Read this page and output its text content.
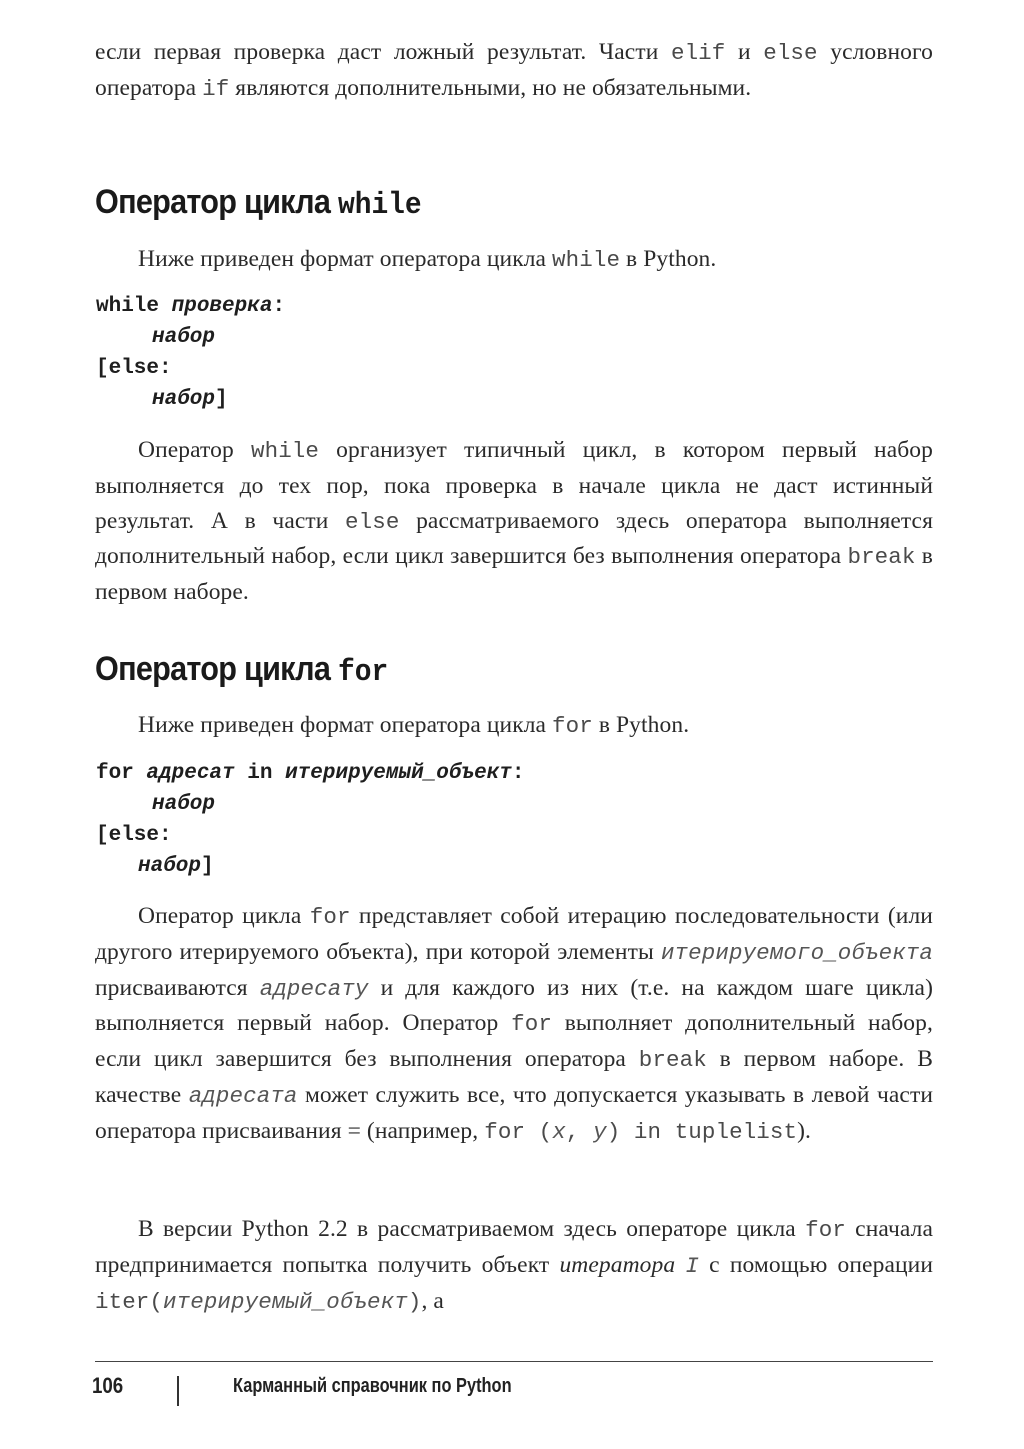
если первая проверка даст ложный результат. Части elif и else условного оператора if являются дополнительными, но не обязательными.

Оператор цикла while

Ниже приведен формат оператора цикла while в Python.

while проверка:

набор

[else:

набор]

Оператор while организует типичный цикл, в котором первый набор выполняется до тех пор, пока проверка в начале цикла не даст истинный результат. А в части else рассматриваемого здесь оператора выполняется дополнительный набор, если цикл завершится без выполнения оператора break в первом наборе.

Оператор цикла for

Ниже приведен формат оператора цикла for в Python.

for адресат in итерируемый_объект:

набор

[else:

набор]

Оператор цикла for представляет собой итерацию последовательности (или другого итерируемого объекта), при которой элементы итерируемого_объекта присваиваются адресату и для каждого из них (т.е. на каждом шаге цикла) выполняется первый набор. Оператор for выполняет дополнительный набор, если цикл завершится без выполнения оператора break в первом наборе. В качестве адресата может служить все, что допускается указывать в левой части оператора присваивания = (например, for (x, y) in tuplelist).

В версии Python 2.2 в рассматриваемом здесь операторе цикла for сначала предпринимается попытка получить объект итератора I с помощью операции iter(итерируемый_объект), а

106	Карманный справочник по Python
